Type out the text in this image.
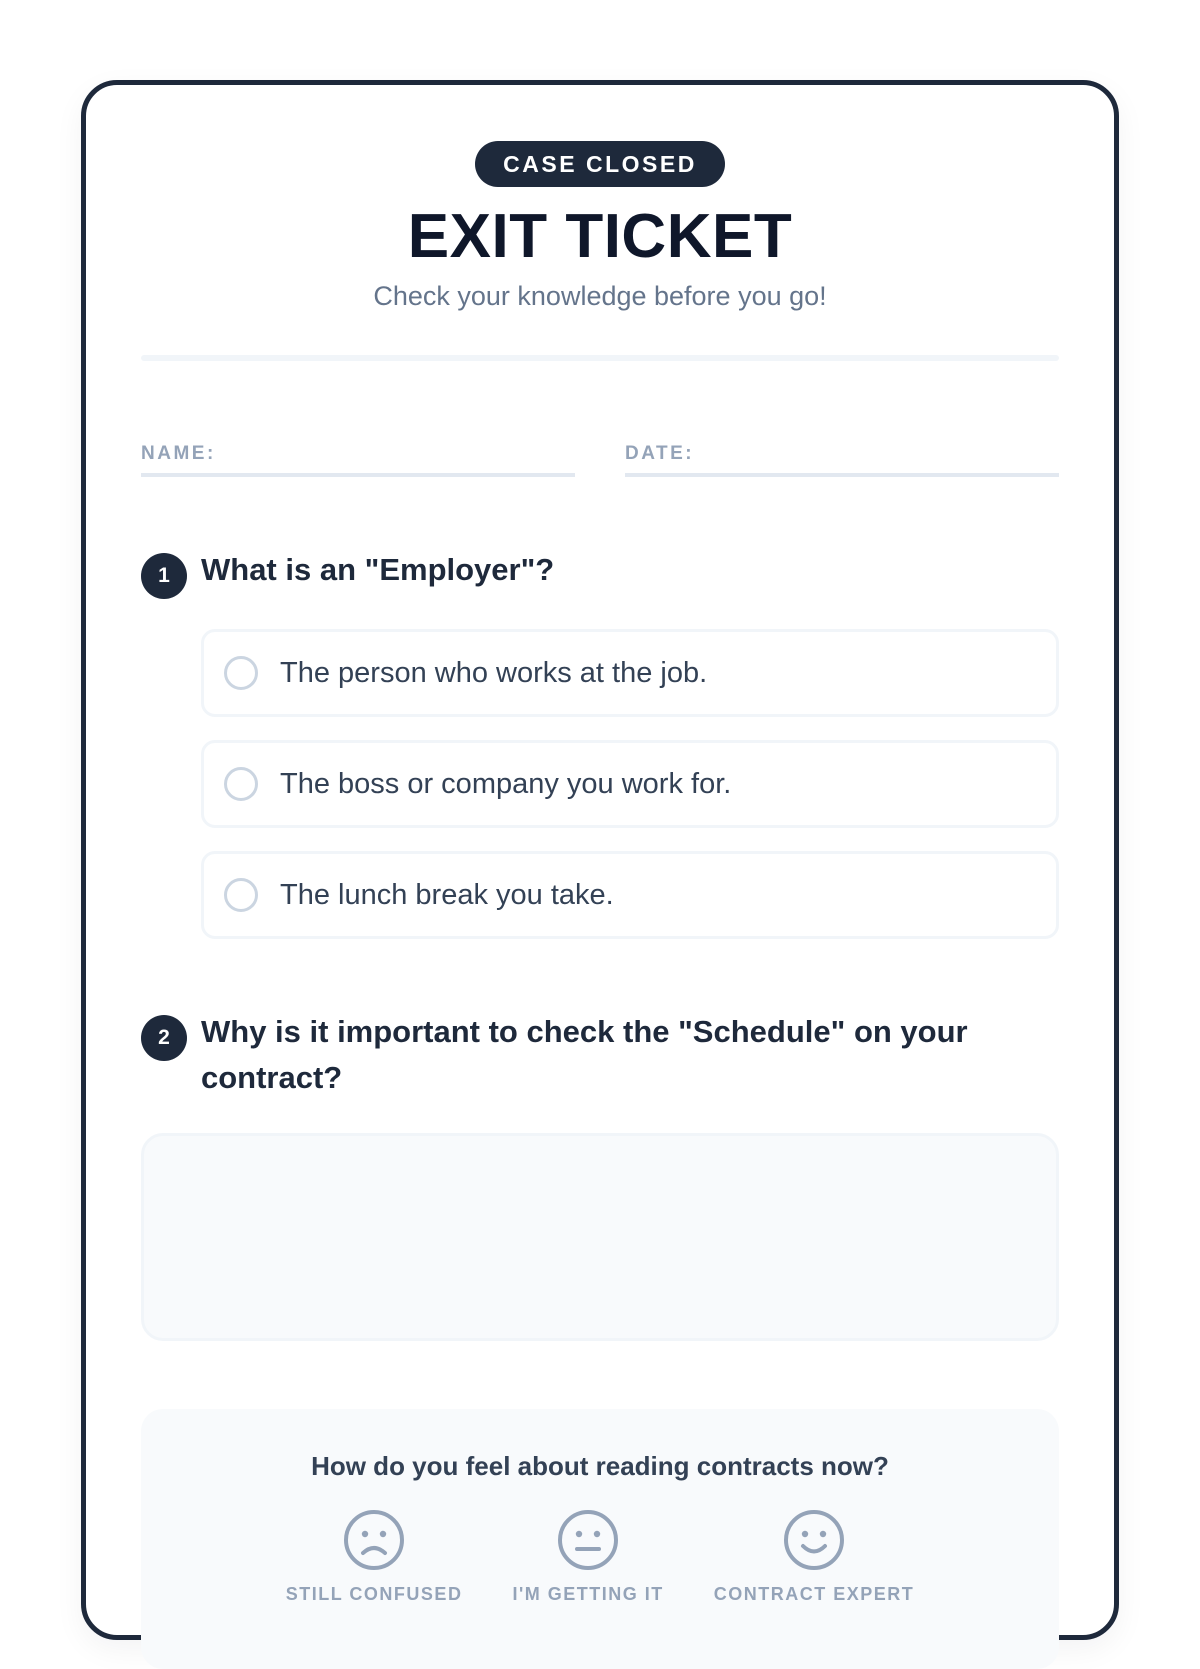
CASE CLOSED
EXIT TICKET
Check your knowledge before you go!
NAME:	DATE:
1	What is an "Employer"?
The person who works at the job.
The boss or company you work for.
The lunch break you take.
2	Why is it important to check the "Schedule" on your contract?
How do you feel about reading contracts now?
STILL CONFUSED	I'M GETTING IT	CONTRACT EXPERT
